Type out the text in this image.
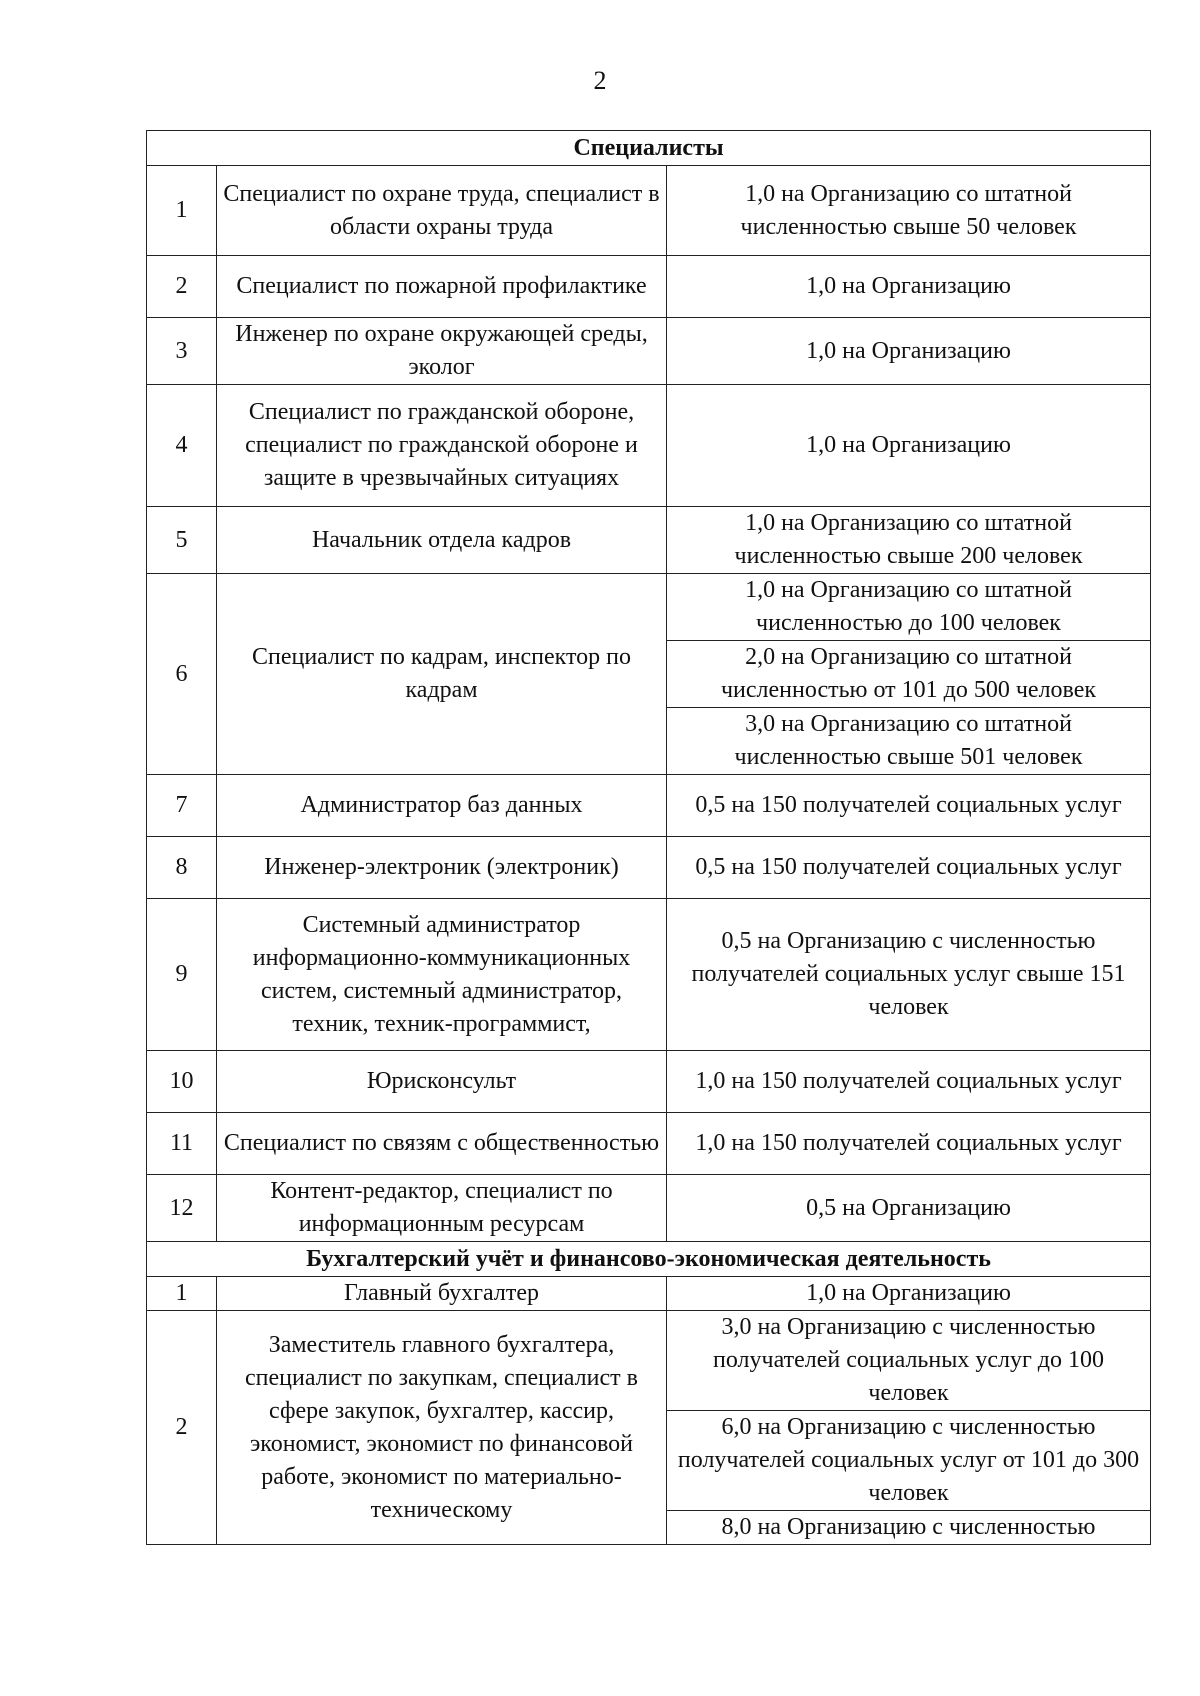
2
Специалисты		
1	Специалист по охране труда, специалист в области охраны труда	1,0 на Организацию со штатной численностью свыше 50 человек
2	Специалист по пожарной профилактике	1,0 на Организацию
3	Инженер по охране окружающей среды, эколог	1,0 на Организацию
4	Специалист по гражданской обороне, специалист по гражданской обороне и защите в чрезвычайных ситуациях	1,0 на Организацию
5	Начальник отдела кадров	1,0 на Организацию со штатной численностью свыше 200 человек
6	Специалист по кадрам, инспектор по кадрам	1,0 на Организацию со штатной численностью до 100 человек
		2,0 на Организацию со штатной численностью от 101 до 500 человек
		3,0 на Организацию со штатной численностью свыше 501 человек
7	Администратор баз данных	0,5 на 150 получателей социальных услуг
8	Инженер-электроник (электроник)	0,5 на 150 получателей социальных услуг
9	Системный администратор информационно-коммуникационных систем, системный администратор, техник, техник-программист,	0,5 на Организацию с численностью получателей социальных услуг свыше 151 человек
10	Юрисконсульт	1,0 на 150 получателей социальных услуг
11	Специалист по связям с общественностью	1,0 на 150 получателей социальных услуг
12	Контент-редактор, специалист по информационным ресурсам	0,5 на Организацию
Бухгалтерский учёт и финансово-экономическая деятельность		
1	Главный бухгалтер	1,0 на Организацию
2	Заместитель главного бухгалтера, специалист по закупкам, специалист в сфере закупок, бухгалтер, кассир, экономист, экономист по финансовой работе, экономист по материально-техническому	3,0 на Организацию с численностью получателей социальных услуг до 100 человек
		6,0 на Организацию с численностью получателей социальных услуг от 101 до 300 человек
		8,0 на Организацию с численностью
